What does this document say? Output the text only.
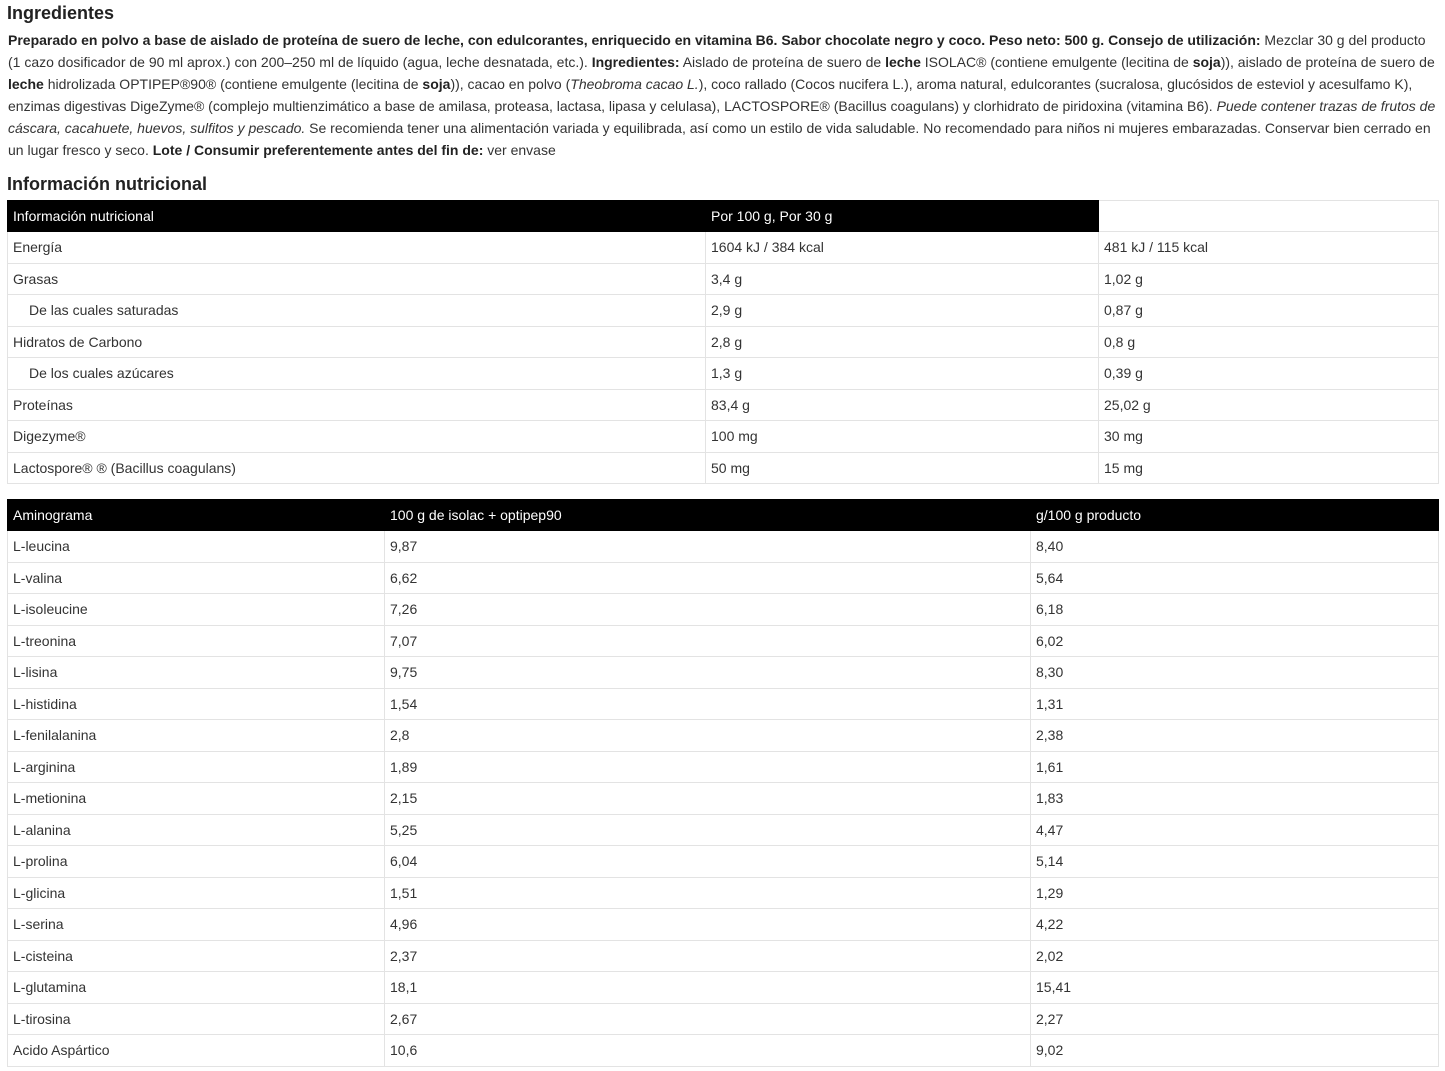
Ingredientes

Preparado en polvo a base de aislado de proteína de suero de leche, con edulcorantes, enriquecido en vitamina B6. Sabor chocolate negro y coco. Peso neto: 500 g. Consejo de utilización: Mezclar 30 g del producto (1 cazo dosificador de 90 ml aprox.) con 200–250 ml de líquido (agua, leche desnatada, etc.). Ingredientes: Aislado de proteína de suero de leche ISOLAC® (contiene emulgente (lecitina de soja)), aislado de proteína de suero de leche hidrolizada OPTIPEP®90® (contiene emulgente (lecitina de soja)), cacao en polvo (Theobroma cacao L.), coco rallado (Cocos nucifera L.), aroma natural, edulcorantes (sucralosa, glucósidos de esteviol y acesulfamo K), enzimas digestivas DigeZyme® (complejo multienzimático a base de amilasa, proteasa, lactasa, lipasa y celulasa), LACTOSPORE® (Bacillus coagulans) y clorhidrato de piridoxina (vitamina B6). Puede contener trazas de frutos de cáscara, cacahuete, huevos, sulfitos y pescado. Se recomienda tener una alimentación variada y equilibrada, así como un estilo de vida saludable. No recomendado para niños ni mujeres embarazadas. Conservar bien cerrado en un lugar fresco y seco. Lote / Consumir preferentemente antes del fin de: ver envase

Información nutricional
Información nutricional	Por 100 g, Por 30 g	
Energía	1604 kJ / 384 kcal	481 kJ / 115 kcal
Grasas	3,4 g	1,02 g
De las cuales saturadas	2,9 g	0,87 g
Hidratos de Carbono	2,8 g	0,8 g
De los cuales azúcares	1,3 g	0,39 g
Proteínas	83,4 g	25,02 g
Digezyme®	100 mg	30 mg
Lactospore® ® (Bacillus coagulans)	50 mg	15 mg
Aminograma	100 g de isolac + optipep90	g/100 g producto
L-leucina	9,87	8,40
L-valina	6,62	5,64
L-isoleucine	7,26	6,18
L-treonina	7,07	6,02
L-lisina	9,75	8,30
L-histidina	1,54	1,31
L-fenilalanina	2,8	2,38
L-arginina	1,89	1,61
L-metionina	2,15	1,83
L-alanina	5,25	4,47
L-prolina	6,04	5,14
L-glicina	1,51	1,29
L-serina	4,96	4,22
L-cisteina	2,37	2,02
L-glutamina	18,1	15,41
L-tirosina	2,67	2,27
Acido Aspártico	10,6	9,02
